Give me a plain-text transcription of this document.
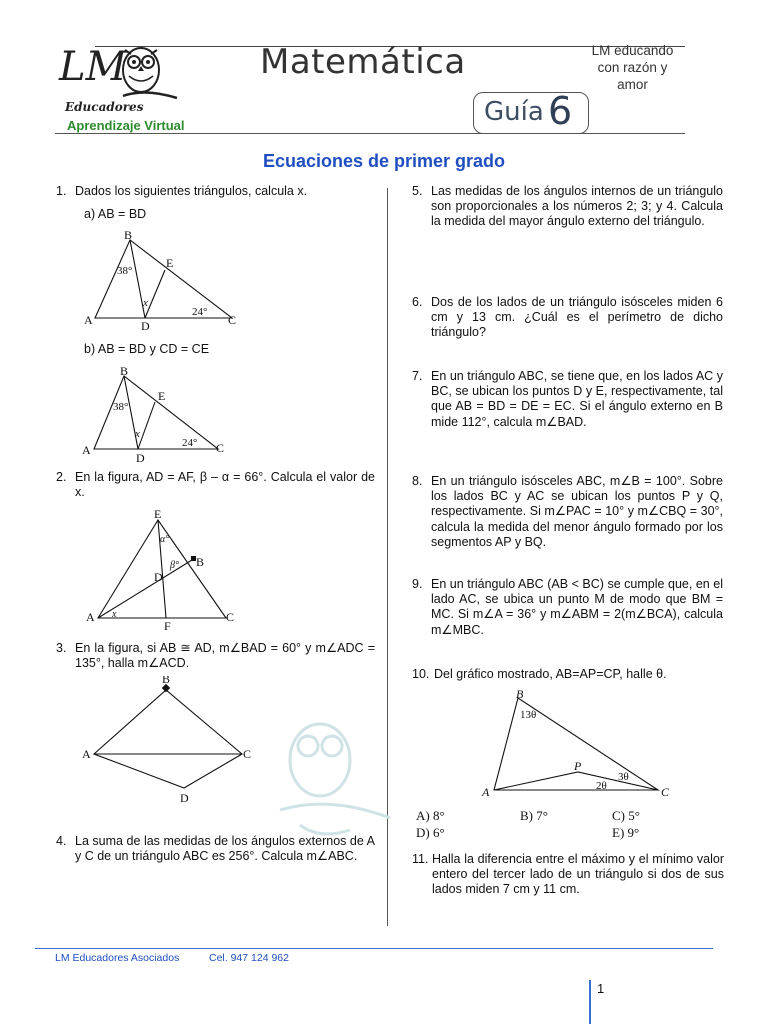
LM
Educadores
Aprendizaje Virtual
Matemática	LM educando
con razón y
amor
Guía 6
Ecuaciones de primer grado
1. Dados los siguientes triángulos, calcula x.
a) AB = BD
B
E
A	D	C
38°
x
24°
b) AB = BD y CD = CE
B
E
A
D
C
38°
x
24°
2. En la figura, AD = AF, β – α = 66°. Calcula el valor de x.
E
B
D
A
F
C
α°
β°
x
3. En la figura, si AB ≅ AD, m∠BAD = 60° y m∠ADC = 135°, halla m∠ACD.
B
A	C
D
4. La suma de las medidas de los ángulos externos de A y C de un triángulo ABC es 256°. Calcula m∠ABC.
5. Las medidas de los ángulos internos de un triángulo son proporcionales a los números 2; 3; y 4. Calcula la medida del mayor ángulo externo del triángulo.
6. Dos de los lados de un triángulo isósceles miden 6 cm y 13 cm. ¿Cuál es el perímetro de dicho triángulo?
7. En un triángulo ABC, se tiene que, en los lados AC y BC, se ubican los puntos D y E, respectivamente, tal que AB = BD = DE = EC. Si el ángulo externo en B mide 112°, calcula m∠BAD.
8. En un triángulo isósceles ABC, m∠B = 100°. Sobre los lados BC y AC se ubican los puntos P y Q, respectivamente. Si m∠PAC = 10° y m∠CBQ = 30°, calcula la medida del menor ángulo formado por los segmentos AP y BQ.
9. En un triángulo ABC (AB < BC) se cumple que, en el lado AC, se ubica un punto M de modo que BM = MC. Si m∠A = 36° y m∠ABM = 2(m∠BCA), calcula m∠MBC.
10. Del gráfico mostrado, AB=AP=CP, halle θ.
B
A
P
C
13θ
3θ
2θ
A) 8°	B) 7°	C) 5°
D) 6°	E) 9°
11. Halla la diferencia entre el máximo y el mínimo valor entero del tercer lado de un triángulo si dos de sus lados miden 7 cm y 11 cm.
LM Educadores Asociados	Cel. 947 124 962
1
